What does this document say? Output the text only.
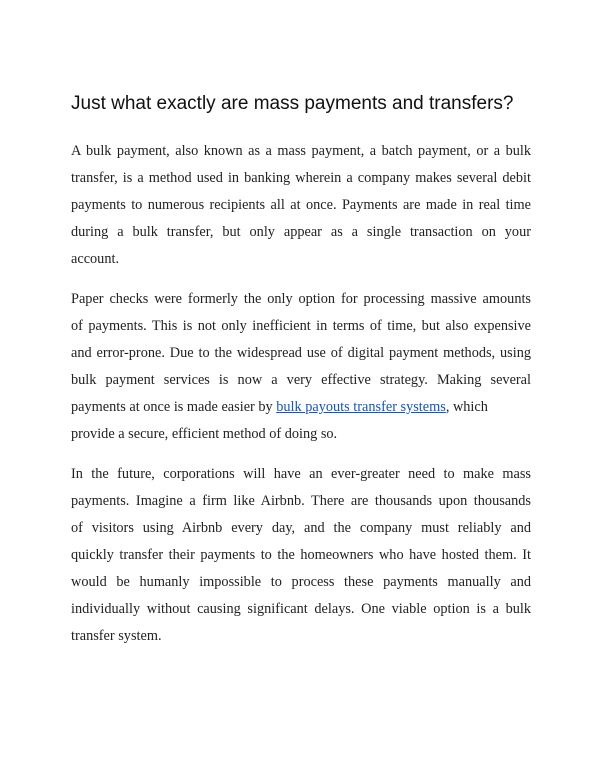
Just what exactly are mass payments and transfers?

A bulk payment, also known as a mass payment, a batch payment, or a bulk
transfer, is a method used in banking wherein a company makes several debit
payments to numerous recipients all at once. Payments are made in real time
during a bulk transfer, but only appear as a single transaction on your
account.

Paper checks were formerly the only option for processing massive amounts
of payments. This is not only inefficient in terms of time, but also expensive
and error-prone. Due to the widespread use of digital payment methods, using
bulk payment services is now a very effective strategy. Making several
payments at once is made easier by bulk payouts transfer systems, which
provide a secure, efficient method of doing so.

In the future, corporations will have an ever-greater need to make mass
payments. Imagine a firm like Airbnb. There are thousands upon thousands
of visitors using Airbnb every day, and the company must reliably and
quickly transfer their payments to the homeowners who have hosted them. It
would be humanly impossible to process these payments manually and
individually without causing significant delays. One viable option is a bulk
transfer system.
